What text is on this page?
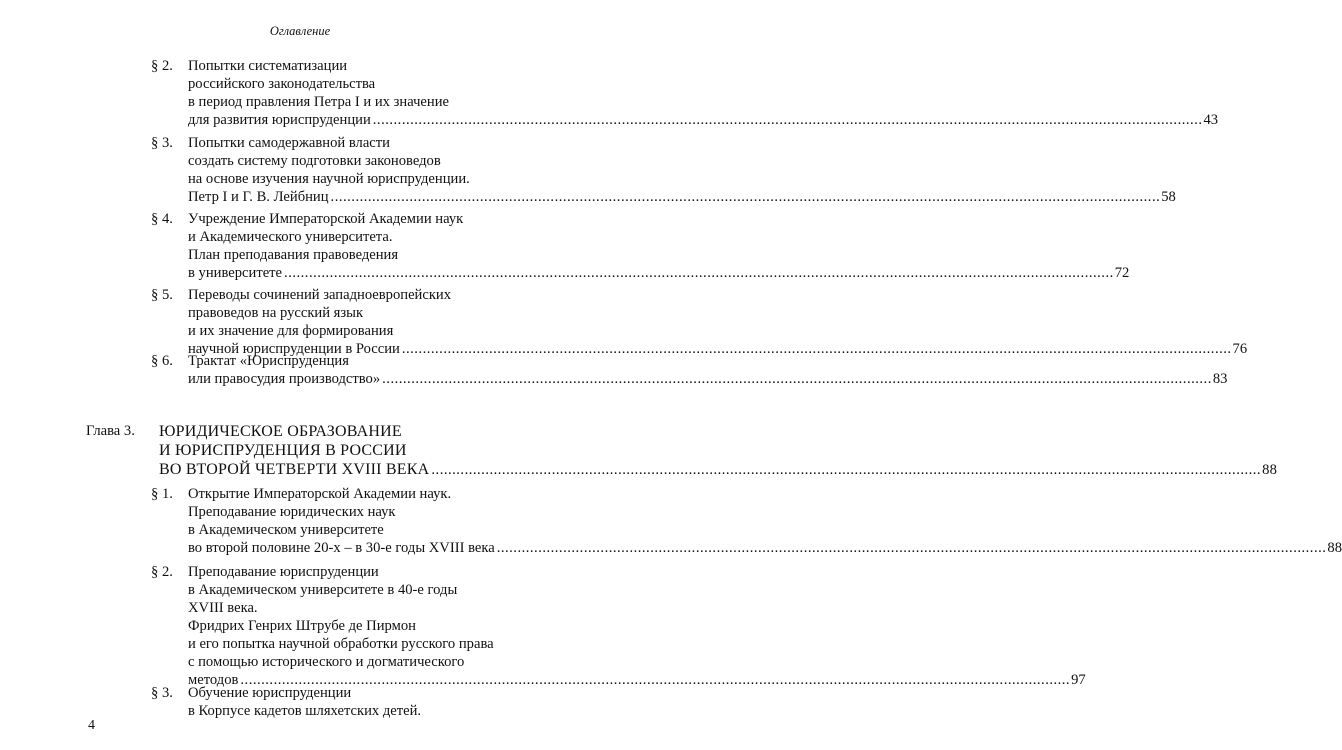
Оглавление
§ 2. Попытки систематизации
российского законодательства
в период правления Петра I и их значение
для развития юриспруденции ........................................................................................................................................................................................................ 43
§ 3. Попытки самодержавной власти
создать систему подготовки законоведов
на основе изучения научной юриспруденции.
Петр I и Г. В. Лейбниц ........................................................................................................................................................................................................ 58
§ 4. Учреждение Императорской Академии наук
и Академического университета.
План преподавания правоведения
в университете ........................................................................................................................................................................................................ 72
§ 5. Переводы сочинений западноевропейских
правоведов на русский язык
и их значение для формирования
научной юриспруденции в России ........................................................................................................................................................................................................ 76
§ 6. Трактат «Юриспруденция
или правосудия производство» ........................................................................................................................................................................................................ 83
Глава 3. ЮРИДИЧЕСКОЕ ОБРАЗОВАНИЕ
И ЮРИСПРУДЕНЦИЯ В РОССИИ
ВО ВТОРОЙ ЧЕТВЕРТИ XVIII ВЕКА ........................................................................................................................................................................................................ 88
§ 1. Открытие Императорской Академии наук.
Преподавание юридических наук
в Академическом университете
во второй половине 20-х – в 30-е годы XVIII века ........................................................................................................................................................................................................ 88
§ 2. Преподавание юриспруденции
в Академическом университете в 40-е годы
XVIII века.
Фридрих Генрих Штрубе де Пирмон
и его попытка научной обработки русского права
с помощью исторического и догматического
методов ........................................................................................................................................................................................................ 97
§ 3. Обучение юриспруденции
в Корпусе кадетов шляхетских детей.
4
